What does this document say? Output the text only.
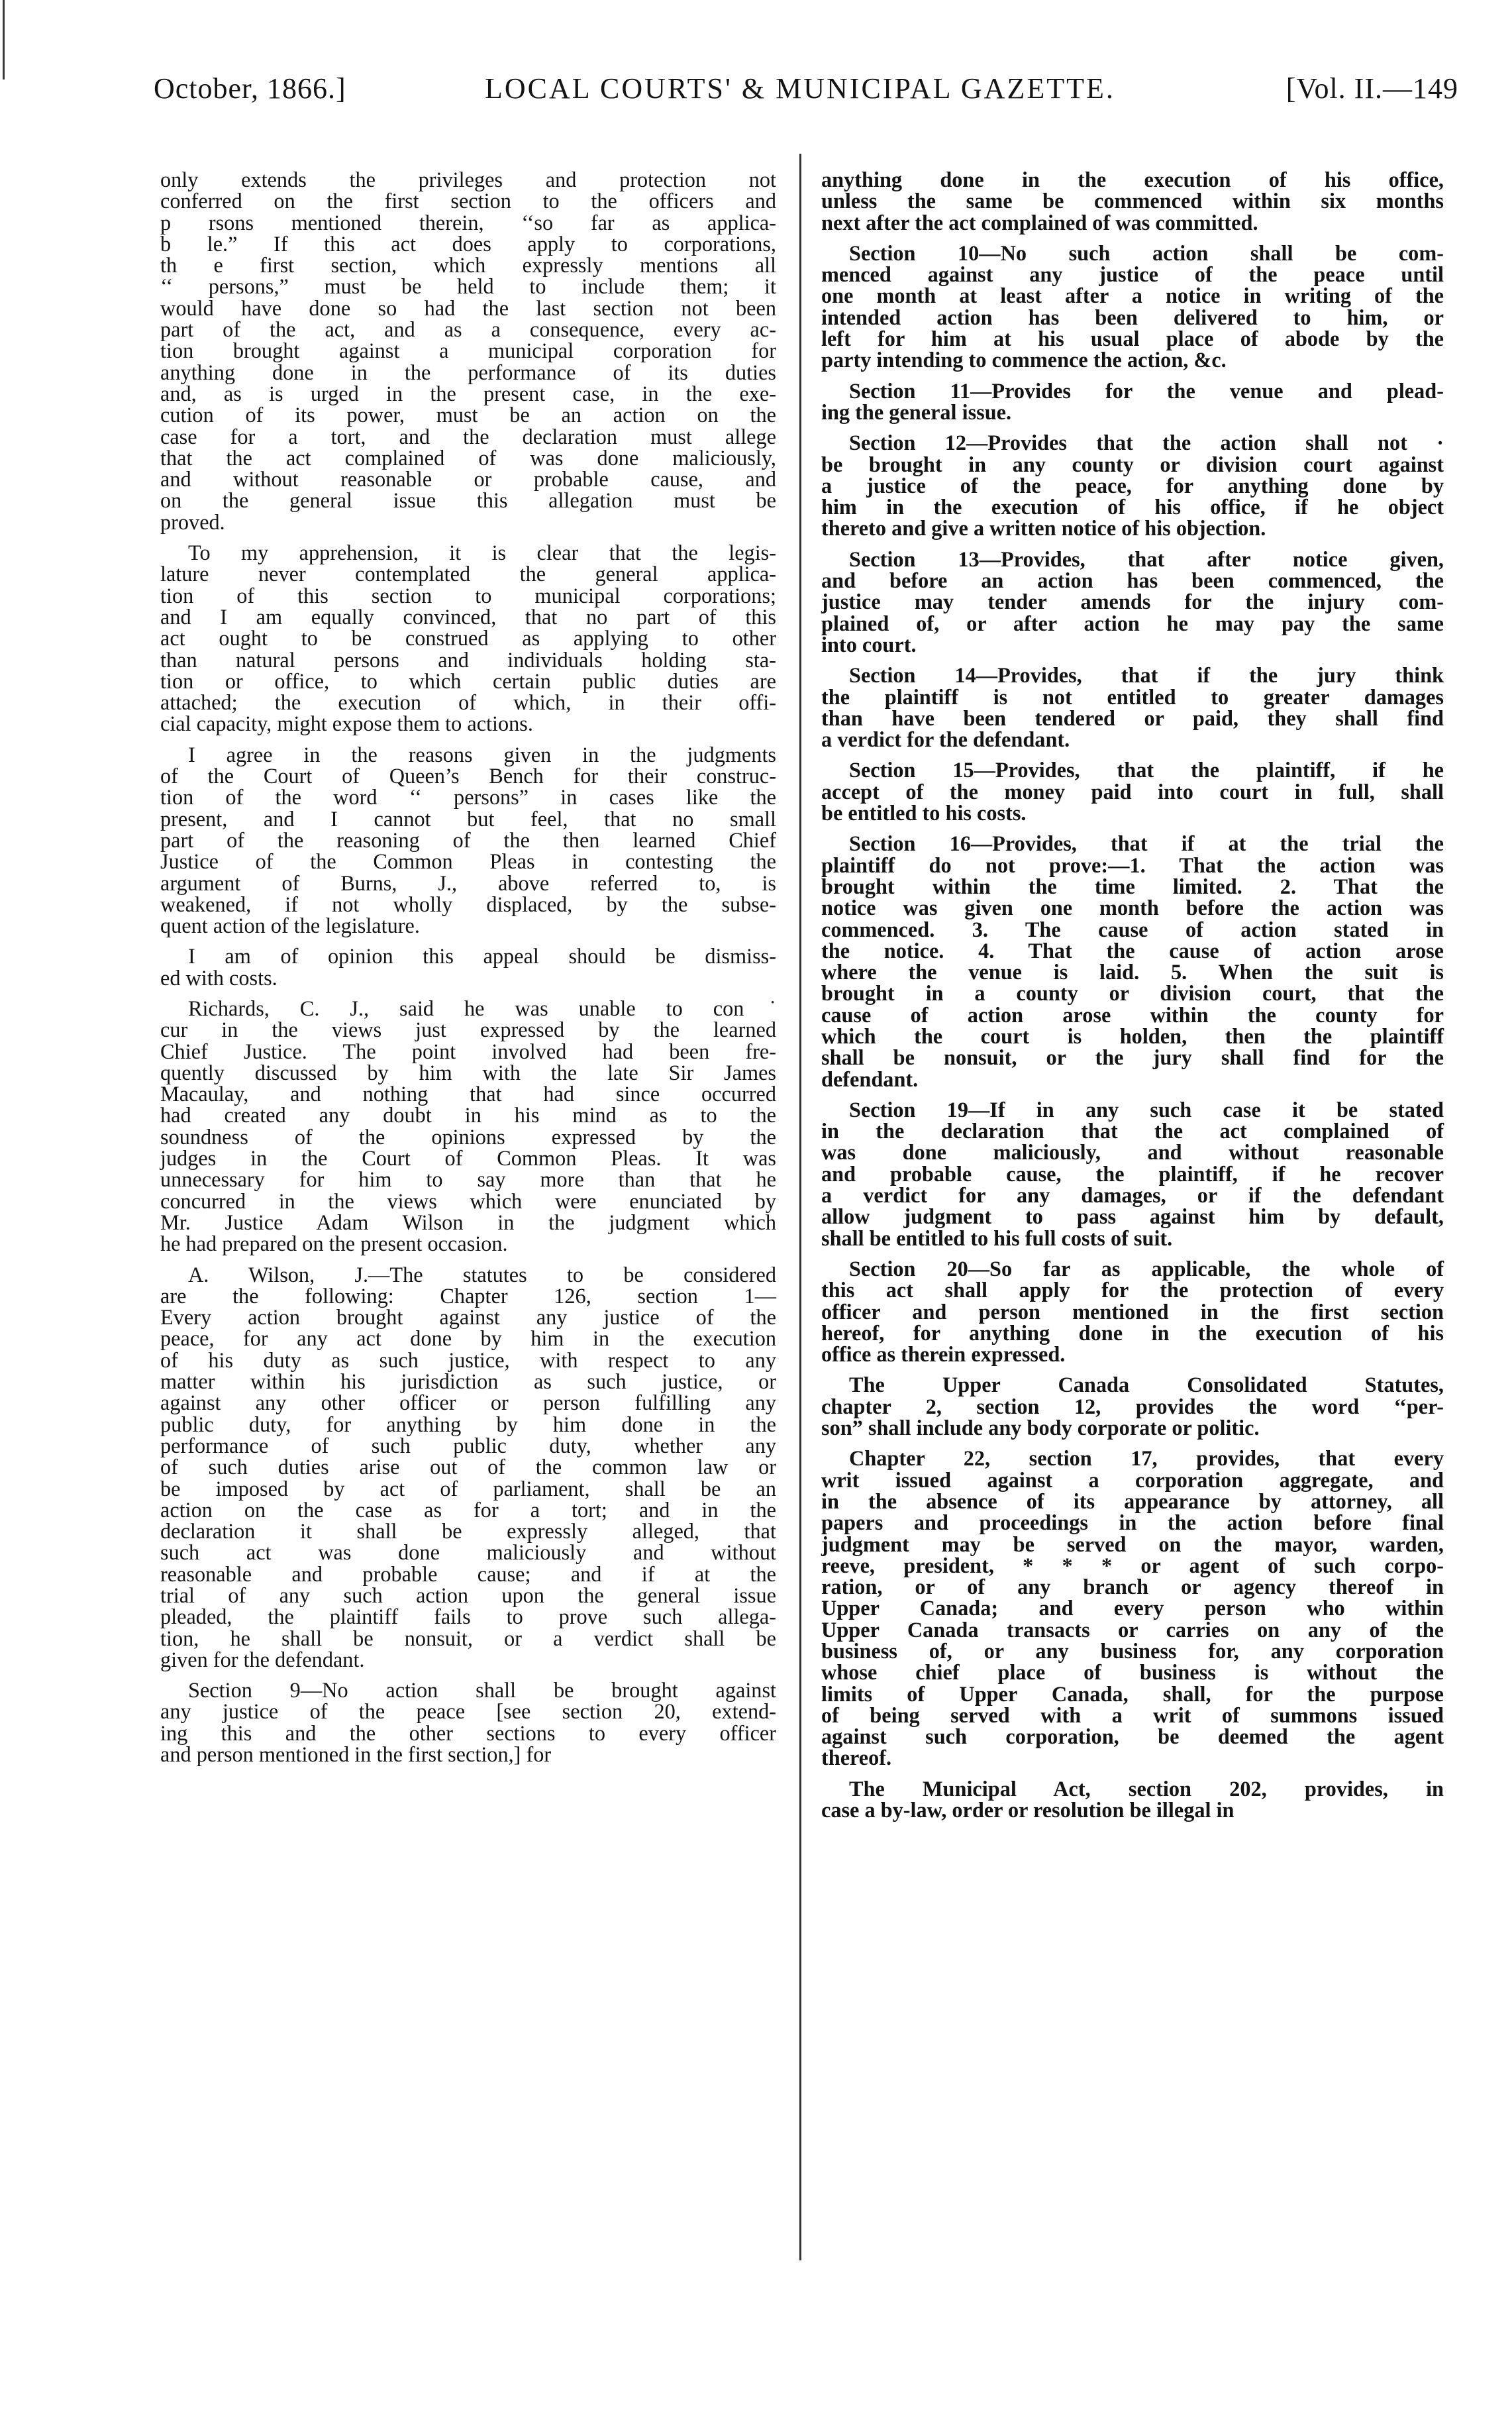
October, 1866.]	LOCAL COURTS' & MUNICIPAL GAZETTE.	[Vol. II.—149
only extends the privileges and protection not
conferred on the first section to the officers and
p rsons mentioned therein, ‘‘so far as applica-
b le.” If this act does apply to corporations,
th e first section, which expressly mentions all
‘‘ persons,” must be held to include them; it
would have done so had the last section not been
part of the act, and as a consequence, every ac-
tion brought against a municipal corporation for
anything done in the performance of its duties
and, as is urged in the present case, in the exe-
cution of its power, must be an action on the
case for a tort, and the declaration must allege
that the act complained of was done maliciously,
and without reasonable or probable cause, and
on the general issue this allegation must be
proved.
To my apprehension, it is clear that the legis-
lature never contemplated the general applica-
tion of this section to municipal corporations;
and I am equally convinced, that no part of this
act ought to be construed as applying to other
than natural persons and individuals holding sta-
tion or office, to which certain public duties are
attached; the execution of which, in their offi-
cial capacity, might expose them to actions.
I agree in the reasons given in the judgments
of the Court of Queen’s Bench for their construc-
tion of the word ‘‘ persons” in cases like the
present, and I cannot but feel, that no small
part of the reasoning of the then learned Chief
Justice of the Common Pleas in contesting the
argument of Burns, J., above referred to, is
weakened, if not wholly displaced, by the subse-
quent action of the legislature.
I am of opinion this appeal should be dismiss-
ed with costs.
Richards, C. J., said he was unable to con˙
cur in the views just expressed by the learned
Chief Justice. The point involved had been fre-
quently discussed by him with the late Sir James
Macaulay, and nothing that had since occurred
had created any doubt in his mind as to the
soundness of the opinions expressed by the
judges in the Court of Common Pleas. It was
unnecessary for him to say more than that he
concurred in the views which were enunciated by
Mr. Justice Adam Wilson in the judgment which
he had prepared on the present occasion.
A. Wilson, J.—The statutes to be considered
are the following: Chapter 126, section 1—
Every action brought against any justice of the
peace, for any act done by him in the execution
of his duty as such justice, with respect to any
matter within his jurisdiction as such justice, or
against any other officer or person fulfilling any
public duty, for anything by him done in the
performance of such public duty, whether any
of such duties arise out of the common law or
be imposed by act of parliament, shall be an
action on the case as for a tort; and in the
declaration it shall be expressly alleged, that
such act was done maliciously and without
reasonable and probable cause; and if at the
trial of any such action upon the general issue
pleaded, the plaintiff fails to prove such allega-
tion, he shall be nonsuit, or a verdict shall be
given for the defendant.
Section 9—No action shall be brought against
any justice of the peace [see section 20, extend-
ing this and the other sections to every officer
and person mentioned in the first section,] for
anything done in the execution of his office,
unless the same be commenced within six months
next after the act complained of was committed.
Section 10—No such action shall be com-
menced against any justice of the peace until
one month at least after a notice in writing of the
intended action has been delivered to him, or
left for him at his usual place of abode by the
party intending to commence the action, &c.
Section 11—Provides for the venue and plead-
ing the general issue.
Section 12—Provides that the action shall not ·
be brought in any county or division court against
a justice of the peace, for anything done by
him in the execution of his office, if he object
thereto and give a written notice of his objection.
Section 13—Provides, that after notice given,
and before an action has been commenced, the
justice may tender amends for the injury com-
plained of, or after action he may pay the same
into court.
Section 14—Provides, that if the jury think
the plaintiff is not entitled to greater damages
than have been tendered or paid, they shall find
a verdict for the defendant.
Section 15—Provides, that the plaintiff, if he
accept of the money paid into court in full, shall
be entitled to his costs.
Section 16—Provides, that if at the trial the
plaintiff do not prove:—1. That the action was
brought within the time limited. 2. That the
notice was given one month before the action was
commenced. 3. The cause of action stated in
the notice. 4. That the cause of action arose
where the venue is laid. 5. When the suit is
brought in a county or division court, that the
cause of action arose within the county for
which the court is holden, then the plaintiff
shall be nonsuit, or the jury shall find for the
defendant.
Section 19—If in any such case it be stated
in the declaration that the act complained of
was done maliciously, and without reasonable
and probable cause, the plaintiff, if he recover
a verdict for any damages, or if the defendant
allow judgment to pass against him by default,
shall be entitled to his full costs of suit.
Section 20—So far as applicable, the whole of
this act shall apply for the protection of every
officer and person mentioned in the first section
hereof, for anything done in the execution of his
office as therein expressed.
The Upper Canada Consolidated Statutes,
chapter 2, section 12, provides the word ‘‘per-
son” shall include any body corporate or politic.
Chapter 22, section 17, provides, that every
writ issued against a corporation aggregate, and
in the absence of its appearance by attorney, all
papers and proceedings in the action before final
judgment may be served on the mayor, warden,
reeve, president, * * * or agent of such corpo-
ration, or of any branch or agency thereof in
Upper Canada; and every person who within
Upper Canada transacts or carries on any of the
business of, or any business for, any corporation
whose chief place of business is without the
limits of Upper Canada, shall, for the purpose
of being served with a writ of summons issued
against such corporation, be deemed the agent
thereof.
The Municipal Act, section 202, provides, in
case a by-law, order or resolution be illegal in
